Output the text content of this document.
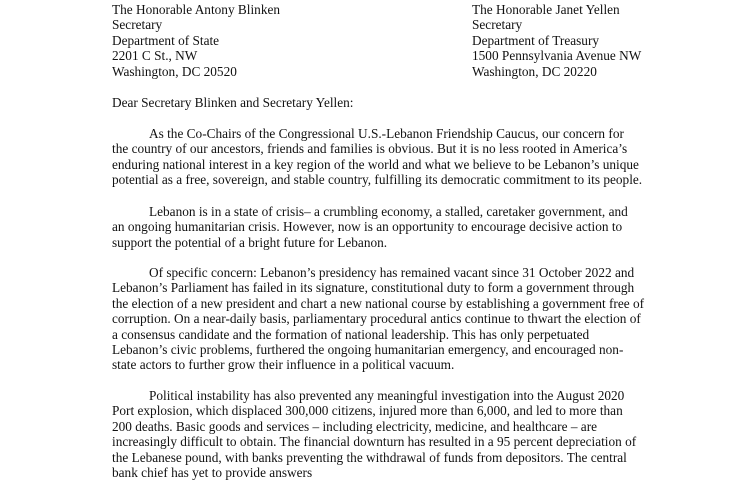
The Honorable Antony Blinken
Secretary
Department of State
2201 C St., NW
Washington, DC 20520
The Honorable Janet Yellen
Secretary
Department of Treasury
1500 Pennsylvania Avenue NW
Washington, DC 20220

Dear Secretary Blinken and Secretary Yellen:

As the Co-Chairs of the Congressional U.S.-Lebanon Friendship Caucus, our concern for
the country of our ancestors, friends and families is obvious. But it is no less rooted in America’s
enduring national interest in a key region of the world and what we believe to be Lebanon’s unique
potential as a free, sovereign, and stable country, fulfilling its democratic commitment to its people.

Lebanon is in a state of crisis– a crumbling economy, a stalled, caretaker government, and
an ongoing humanitarian crisis. However, now is an opportunity to encourage decisive action to
support the potential of a bright future for Lebanon.

Of specific concern: Lebanon’s presidency has remained vacant since 31 October 2022 and
Lebanon’s Parliament has failed in its signature, constitutional duty to form a government through
the election of a new president and chart a new national course by establishing a government free of
corruption. On a near-daily basis, parliamentary procedural antics continue to thwart the election of
a consensus candidate and the formation of national leadership. This has only perpetuated
Lebanon’s civic problems, furthered the ongoing humanitarian emergency, and encouraged non-
state actors to further grow their influence in a political vacuum.

Political instability has also prevented any meaningful investigation into the August 2020
Port explosion, which displaced 300,000 citizens, injured more than 6,000, and led to more than
200 deaths. Basic goods and services – including electricity, medicine, and healthcare – are
increasingly difficult to obtain. The financial downturn has resulted in a 95 percent depreciation of
the Lebanese pound, with banks preventing the withdrawal of funds from depositors. The central
bank chief has yet to provide answers
